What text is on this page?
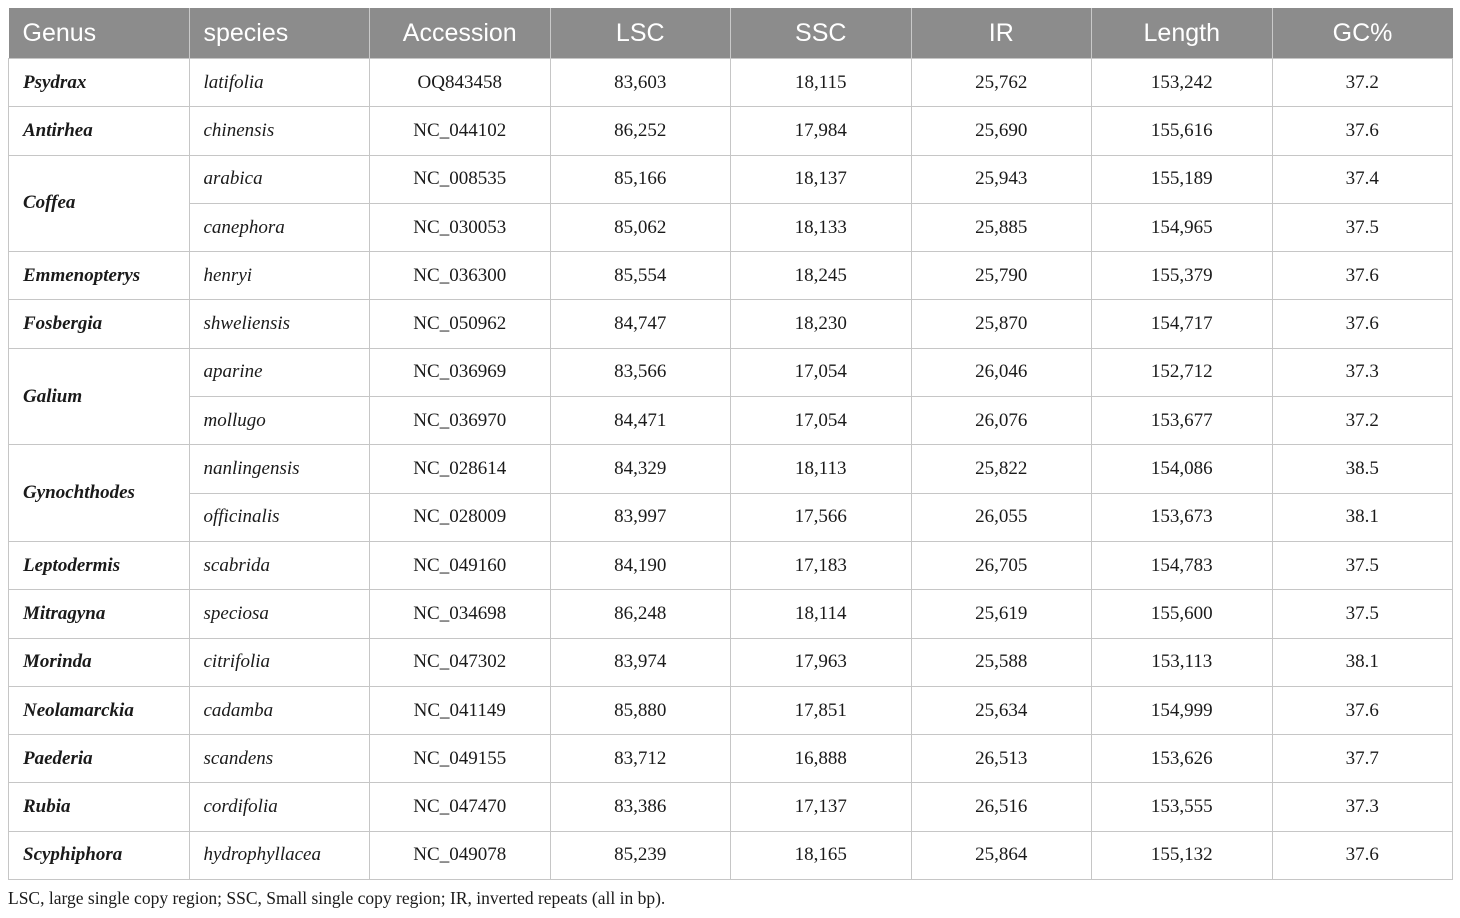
Genus	species	Accession	LSC	SSC	IR	Length	GC%
Psydrax	latifolia	OQ843458	83,603	18,115	25,762	153,242	37.2
Antirhea	chinensis	NC_044102	86,252	17,984	25,690	155,616	37.6
Coffea	arabica	NC_008535	85,166	18,137	25,943	155,189	37.4
	canephora	NC_030053	85,062	18,133	25,885	154,965	37.5
Emmenopterys	henryi	NC_036300	85,554	18,245	25,790	155,379	37.6
Fosbergia	shweliensis	NC_050962	84,747	18,230	25,870	154,717	37.6
Galium	aparine	NC_036969	83,566	17,054	26,046	152,712	37.3
	mollugo	NC_036970	84,471	17,054	26,076	153,677	37.2
Gynochthodes	nanlingensis	NC_028614	84,329	18,113	25,822	154,086	38.5
	officinalis	NC_028009	83,997	17,566	26,055	153,673	38.1
Leptodermis	scabrida	NC_049160	84,190	17,183	26,705	154,783	37.5
Mitragyna	speciosa	NC_034698	86,248	18,114	25,619	155,600	37.5
Morinda	citrifolia	NC_047302	83,974	17,963	25,588	153,113	38.1
Neolamarckia	cadamba	NC_041149	85,880	17,851	25,634	154,999	37.6
Paederia	scandens	NC_049155	83,712	16,888	26,513	153,626	37.7
Rubia	cordifolia	NC_047470	83,386	17,137	26,516	153,555	37.3
Scyphiphora	hydrophyllacea	NC_049078	85,239	18,165	25,864	155,132	37.6
LSC, large single copy region; SSC, Small single copy region; IR, inverted repeats (all in bp).
